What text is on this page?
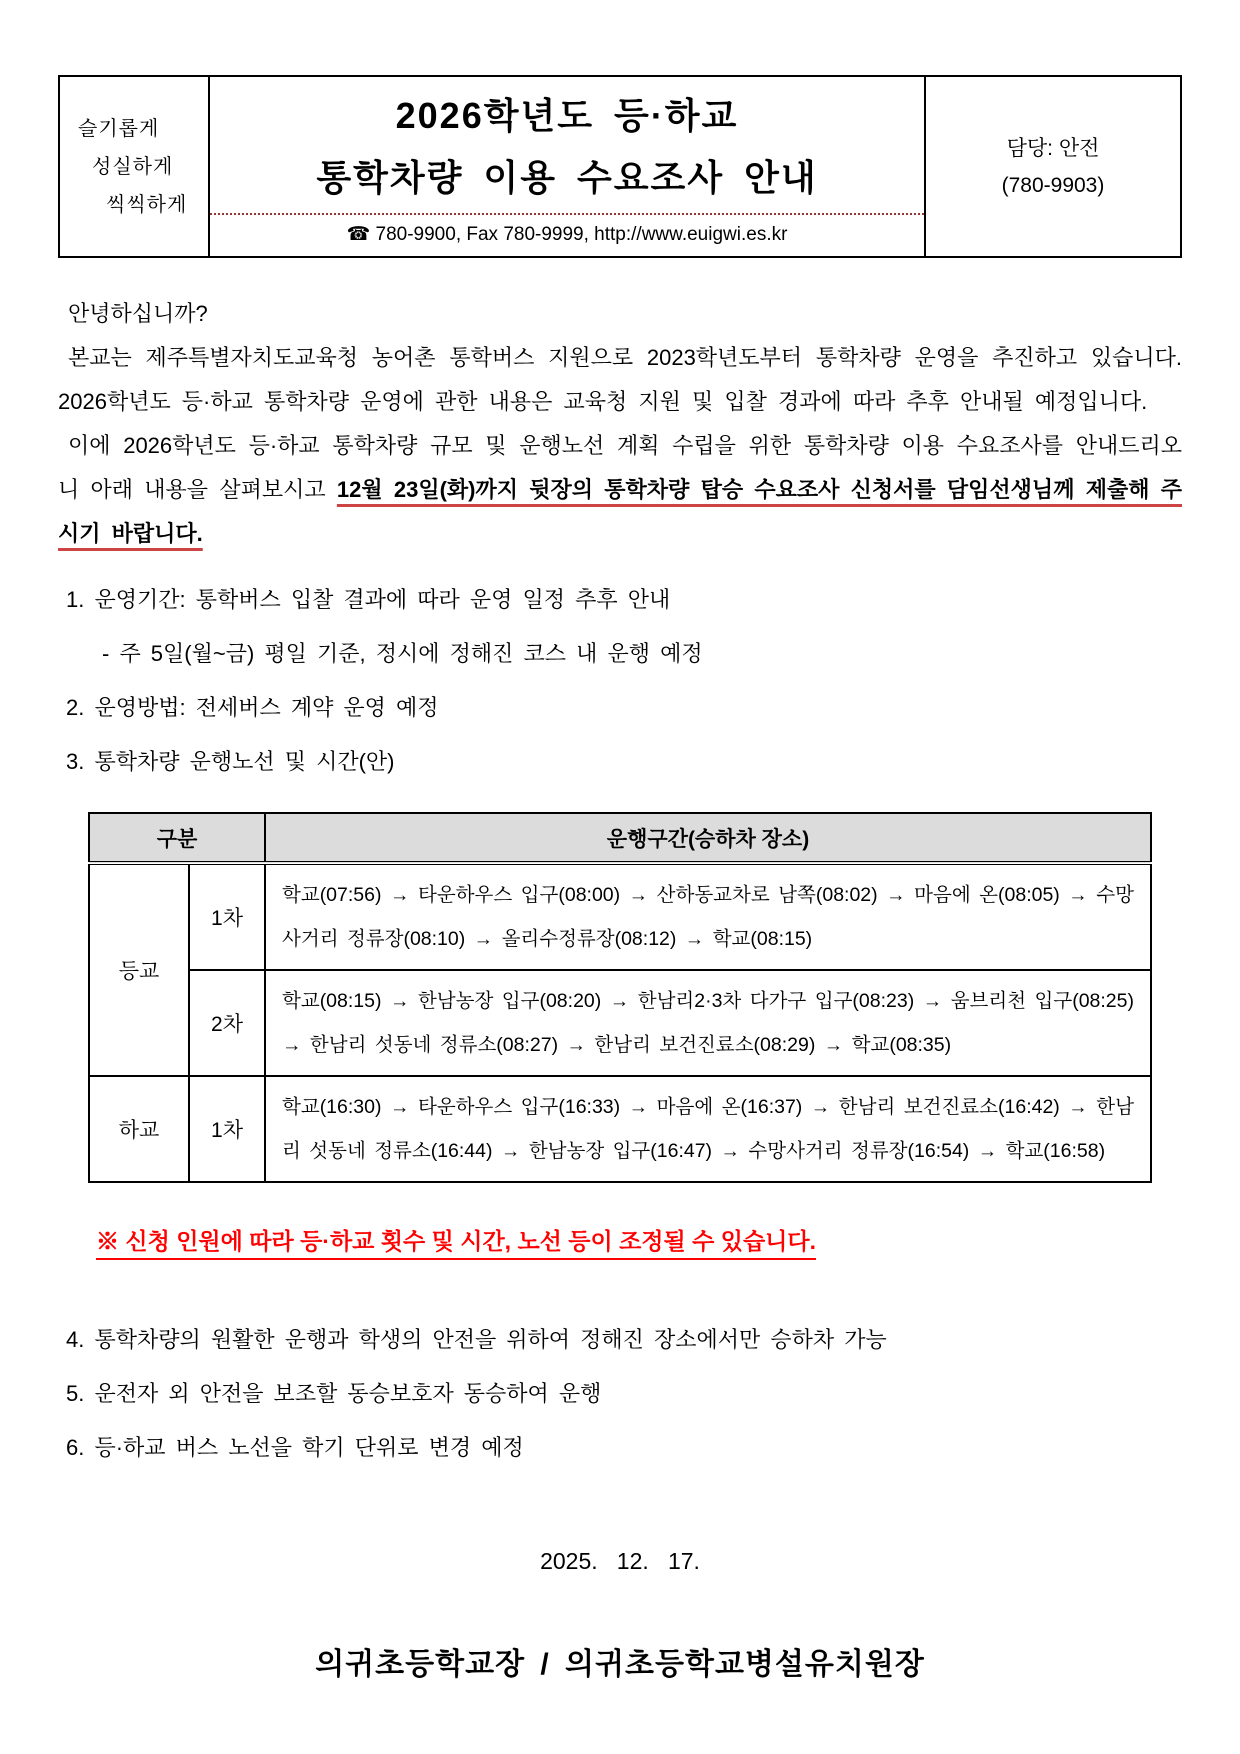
슬기롭게
성실하게
씩씩하게

2026학년도 등·하교
통학차량 이용 수요조사 안내
☎ 780-9900, Fax 780-9999, http://www.euigwi.es.kr

담당: 안전
(780-9903)
안녕하십니까?
본교는 제주특별자치도교육청 농어촌 통학버스 지원으로 2023학년도부터 통학차량 운영을 추진하고 있습니다. 2026학년도 등·하교 통학차량 운영에 관한 내용은 교육청 지원 및 입찰 경과에 따라 추후 안내될 예정입니다.
이에 2026학년도 등·하교 통학차량 규모 및 운행노선 계획 수립을 위한 통학차량 이용 수요조사를 안내드리오니 아래 내용을 살펴보시고 12월 23일(화)까지 뒷장의 통학차량 탑승 수요조사 신청서를 담임선생님께 제출해 주시기 바랍니다.
1. 운영기간: 통학버스 입찰 결과에 따라 운영 일정 추후 안내
- 주 5일(월~금) 평일 기준, 정시에 정해진 코스 내 운행 예정
2. 운영방법: 전세버스 계약 운영 예정
3. 통학차량 운행노선 및 시간(안)
구분		운행구간(승하차 장소)
등교	1차	학교(07:56) → 타운하우스 입구(08:00) → 산하동교차로 남쪽(08:02) → 마음에 온(08:05) → 수망사거리 정류장(08:10) → 올리수정류장(08:12) → 학교(08:15)
	2차	학교(08:15) → 한남농장 입구(08:20) → 한남리2·3차 다가구 입구(08:23) → 움브리천 입구(08:25) → 한남리 섯동네 정류소(08:27) → 한남리 보건진료소(08:29) → 학교(08:35)
하교	1차	학교(16:30) → 타운하우스 입구(16:33) → 마음에 온(16:37) → 한남리 보건진료소(16:42) → 한남리 섯동네 정류소(16:44) → 한남농장 입구(16:47) → 수망사거리 정류장(16:54) → 학교(16:58)
※ 신청 인원에 따라 등·하교 횟수 및 시간, 노선 등이 조정될 수 있습니다.
4. 통학차량의 원활한 운행과 학생의 안전을 위하여 정해진 장소에서만 승하차 가능
5. 운전자 외 안전을 보조할 동승보호자 동승하여 운행
6. 등·하교 버스 노선을 학기 단위로 변경 예정
2025.   12.   17.
의귀초등학교장 / 의귀초등학교병설유치원장
